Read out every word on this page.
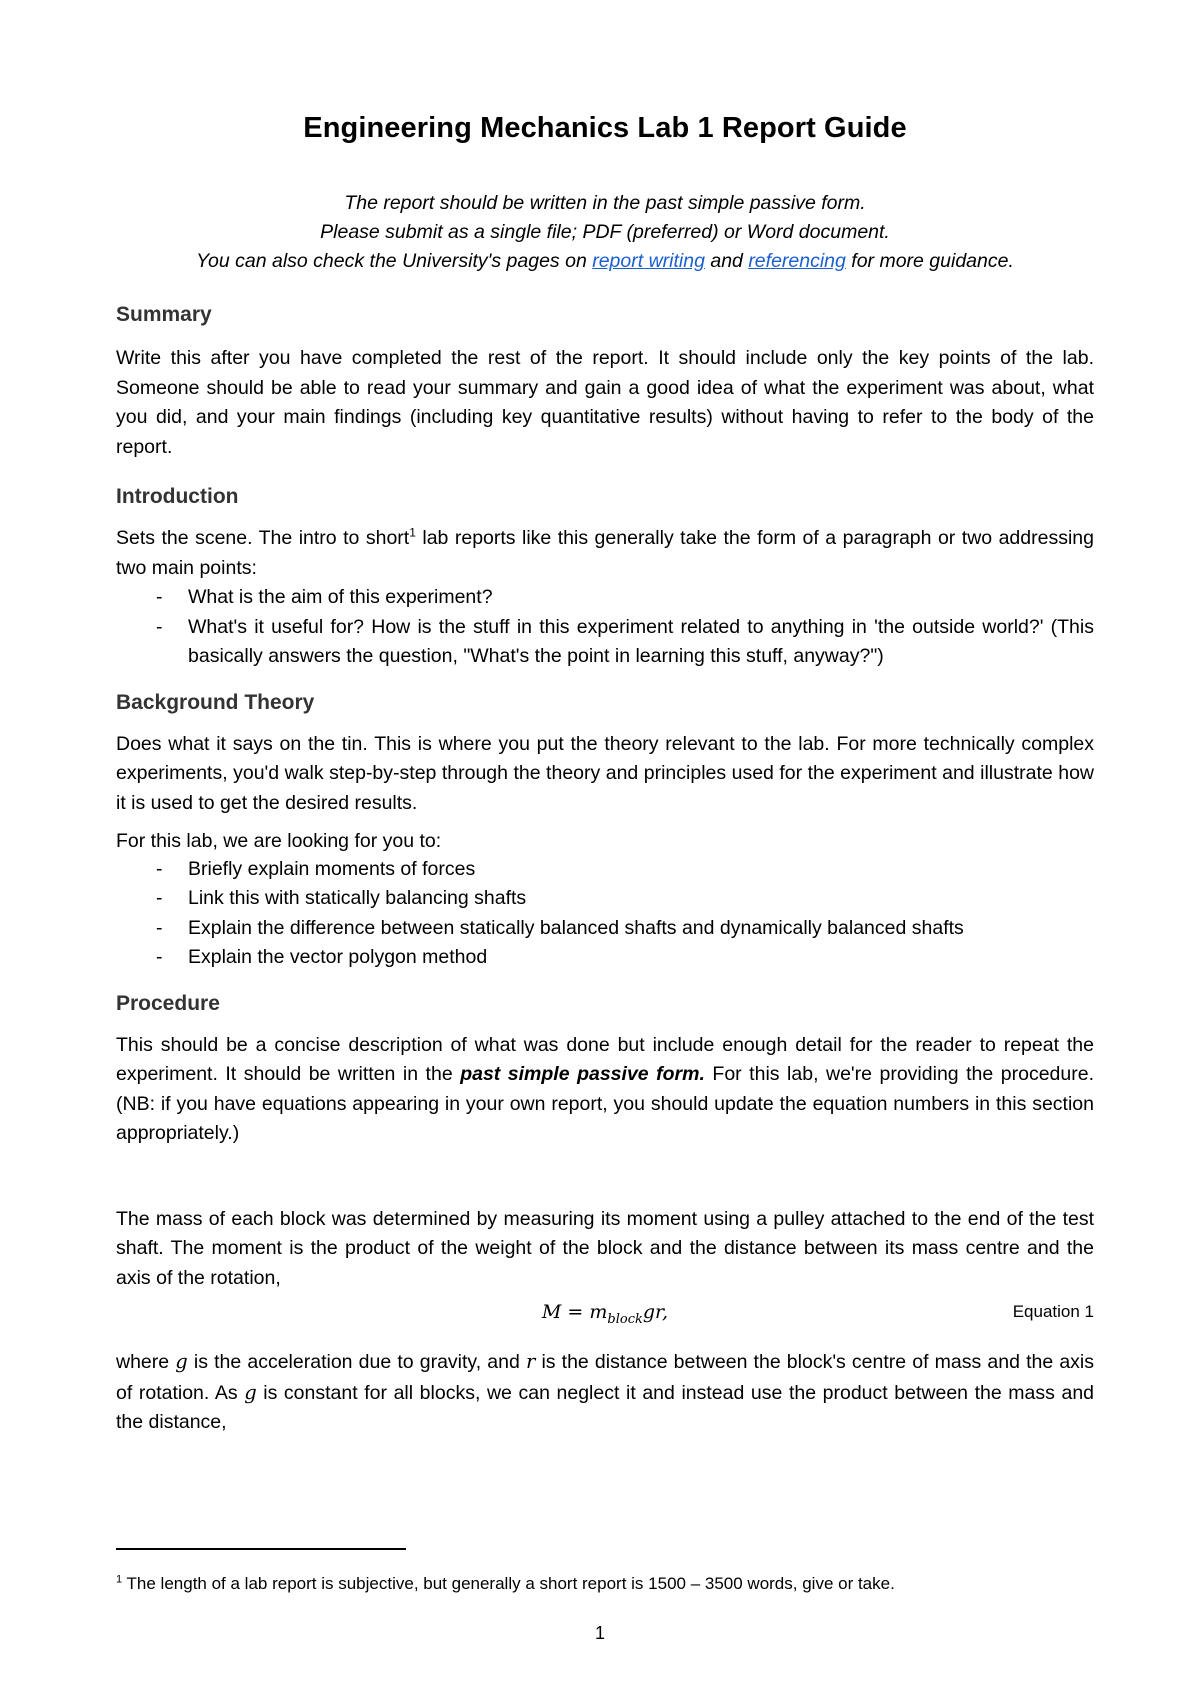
Engineering Mechanics Lab 1 Report Guide

The report should be written in the past simple passive form.

Please submit as a single file; PDF (preferred) or Word document.

You can also check the University's pages on report writing and referencing for more guidance.

Summary

Write this after you have completed the rest of the report. It should include only the key points of the lab. Someone should be able to read your summary and gain a good idea of what the experiment was about, what you did, and your main findings (including key quantitative results) without having to refer to the body of the report.

Introduction

Sets the scene. The intro to short$^1$ lab reports like this generally take the form of a paragraph or two addressing two main points:

- What is the aim of this experiment?
- What's it useful for? How is the stuff in this experiment related to anything in 'the outside world?' (This basically answers the question, "What's the point in learning this stuff, anyway?")
Background Theory

Does what it says on the tin. This is where you put the theory relevant to the lab. For more technically complex experiments, you'd walk step-by-step through the theory and principles used for the experiment and illustrate how it is used to get the desired results.

For this lab, we are looking for you to:

- Briefly explain moments of forces
- Link this with statically balancing shafts
- Explain the difference between statically balanced shafts and dynamically balanced shafts
- Explain the vector polygon method
Procedure

This should be a concise description of what was done but include enough detail for the reader to repeat the experiment. It should be written in the past simple passive form. For this lab, we're providing the procedure. (NB: if you have equations appearing in your own report, you should update the equation numbers in this section appropriately.)

The mass of each block was determined by measuring its moment using a pulley attached to the end of the test shaft. The moment is the product of the weight of the block and the distance between its mass centre and the axis of the rotation,

$M = m_{block}gr$,	Equation 1

where g is the acceleration due to gravity, and r is the distance between the block's centre of mass and the axis of rotation. As g is constant for all blocks, we can neglect it and instead use the product between the mass and the distance,

$^1$ The length of a lab report is subjective, but generally a short report is 1500 – 3500 words, give or take.
1
